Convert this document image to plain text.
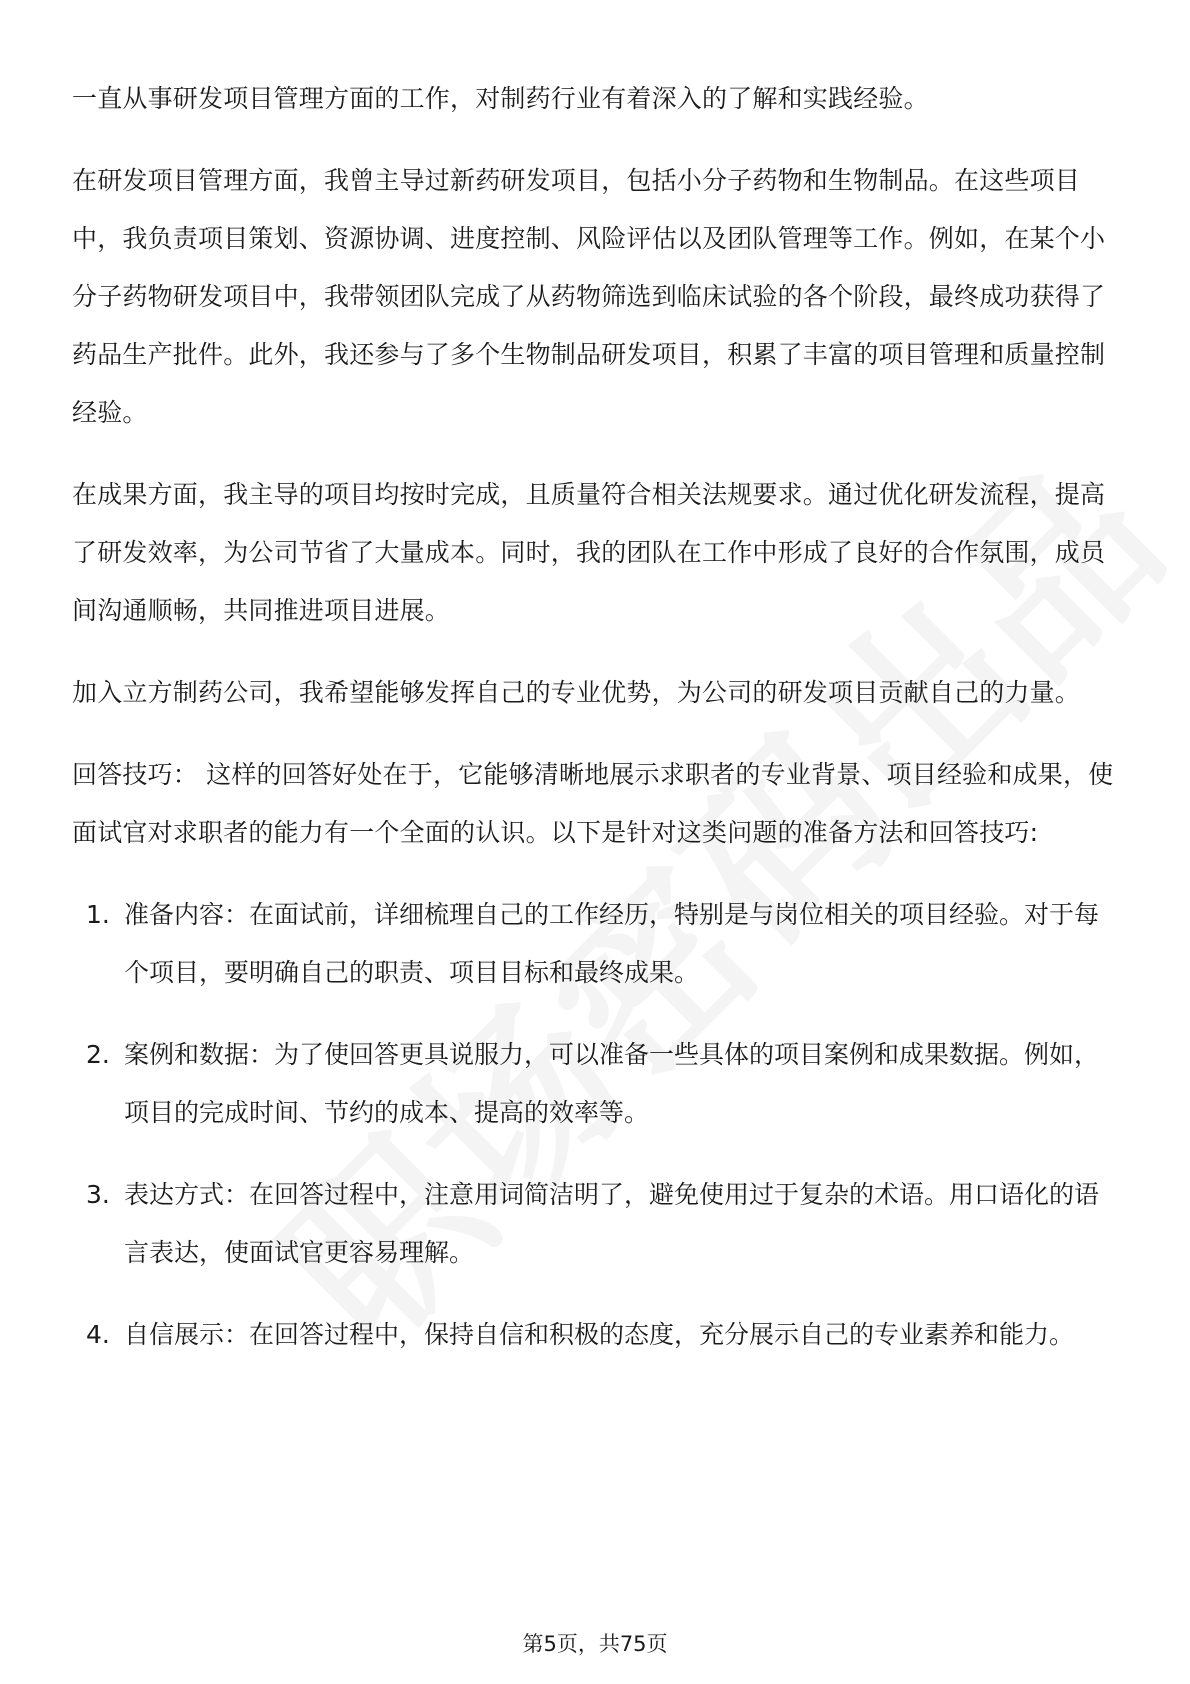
一直从事研发项目管理方面的工作，对制药行业有着深入的了解和实践经验。

在研发项目管理方面，我曾主导过新药研发项目，包括小分子药物和生物制品。在这些项目中，我负责项目策划、资源协调、进度控制、风险评估以及团队管理等工作。例如，在某个小分子药物研发项目中，我带领团队完成了从药物筛选到临床试验的各个阶段，最终成功获得了药品生产批件。此外，我还参与了多个生物制品研发项目，积累了丰富的项目管理和质量控制经验。

在成果方面，我主导的项目均按时完成，且质量符合相关法规要求。通过优化研发流程，提高了研发效率，为公司节省了大量成本。同时，我的团队在工作中形成了良好的合作氛围，成员间沟通顺畅，共同推进项目进展。

加入立方制药公司，我希望能够发挥自己的专业优势，为公司的研发项目贡献自己的力量。

回答技巧： 这样的回答好处在于，它能够清晰地展示求职者的专业背景、项目经验和成果，使面试官对求职者的能力有一个全面的认识。以下是针对这类问题的准备方法和回答技巧:

1. 准备内容：在面试前，详细梳理自己的工作经历，特别是与岗位相关的项目经验。对于每个项目，要明确自己的职责、项目目标和最终成果。
2. 案例和数据：为了使回答更具说服力，可以准备一些具体的项目案例和成果数据。例如，项目的完成时间、节约的成本、提高的效率等。
3. 表达方式：在回答过程中，注意用词简洁明了，避免使用过于复杂的术语。用口语化的语言表达，使面试官更容易理解。
4. 自信展示：在回答过程中，保持自信和积极的态度，充分展示自己的专业素养和能力。
第5页，共75页
